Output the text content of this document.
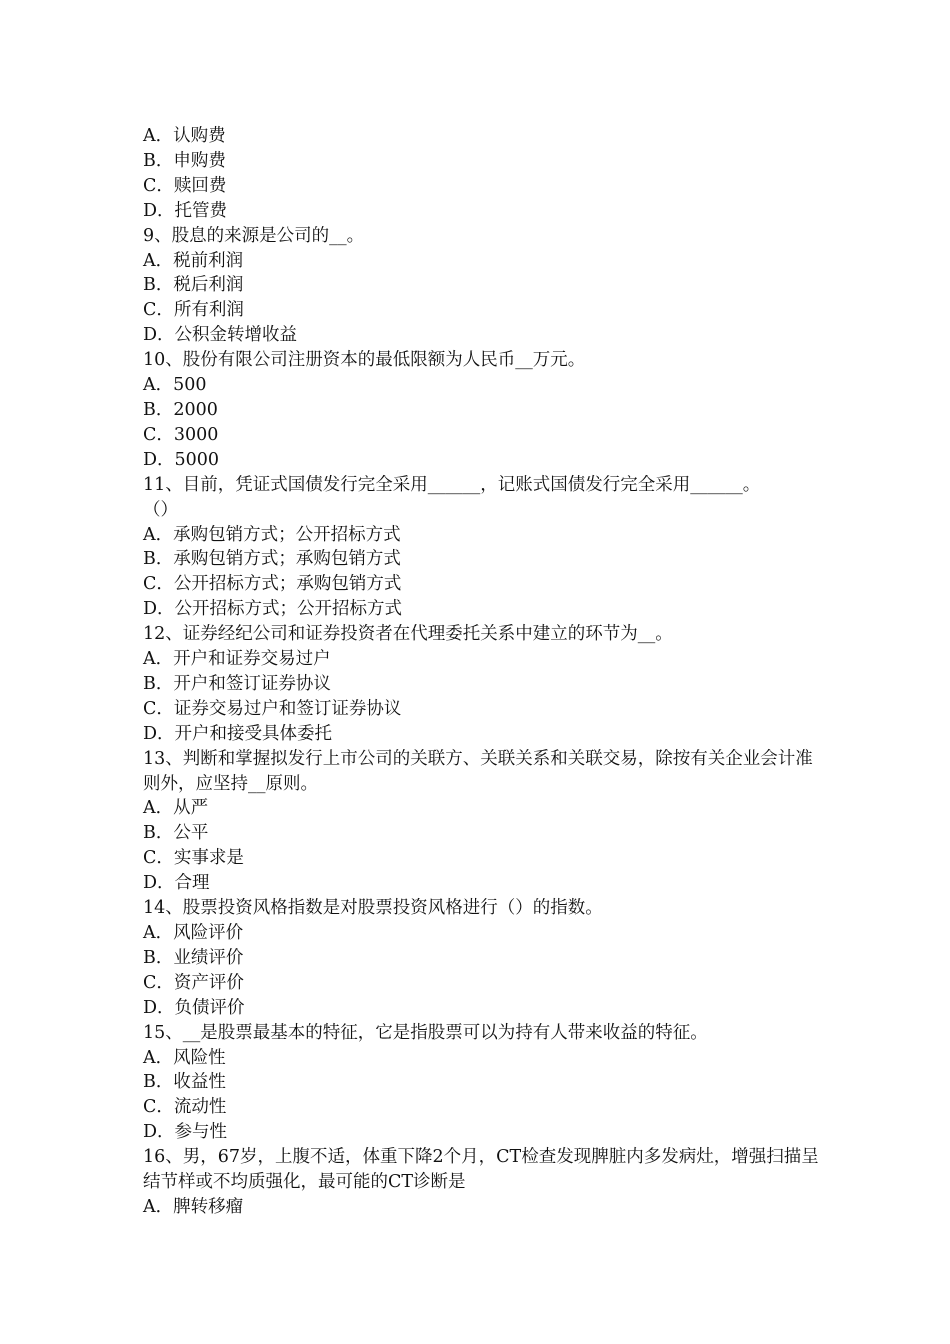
A．认购费
B．申购费
C．赎回费
D．托管费
9、股息的来源是公司的__。
A．税前利润
B．税后利润
C．所有利润
D．公积金转增收益
10、股份有限公司注册资本的最低限额为人民币__万元。
A．500
B．2000
C．3000
D．5000
11、目前，凭证式国债发行完全采用______，记账式国债发行完全采用______。
（）
A．承购包销方式；公开招标方式
B．承购包销方式；承购包销方式
C．公开招标方式；承购包销方式
D．公开招标方式；公开招标方式
12、证券经纪公司和证券投资者在代理委托关系中建立的环节为__。
A．开户和证券交易过户
B．开户和签订证券协议
C．证券交易过户和签订证券协议
D．开户和接受具体委托
13、判断和掌握拟发行上市公司的关联方、关联关系和关联交易，除按有关企业会计准则外，应坚持__原则。
A．从严
B．公平
C．实事求是
D．合理
14、股票投资风格指数是对股票投资风格进行（）的指数。
A．风险评价
B．业绩评价
C．资产评价
D．负债评价
15、__是股票最基本的特征，它是指股票可以为持有人带来收益的特征。
A．风险性
B．收益性
C．流动性
D．参与性
16、男，67岁，上腹不适，体重下降2个月，CT检查发现脾脏内多发病灶，增强扫描呈结节样或不均质强化，最可能的CT诊断是
A．脾转移瘤
